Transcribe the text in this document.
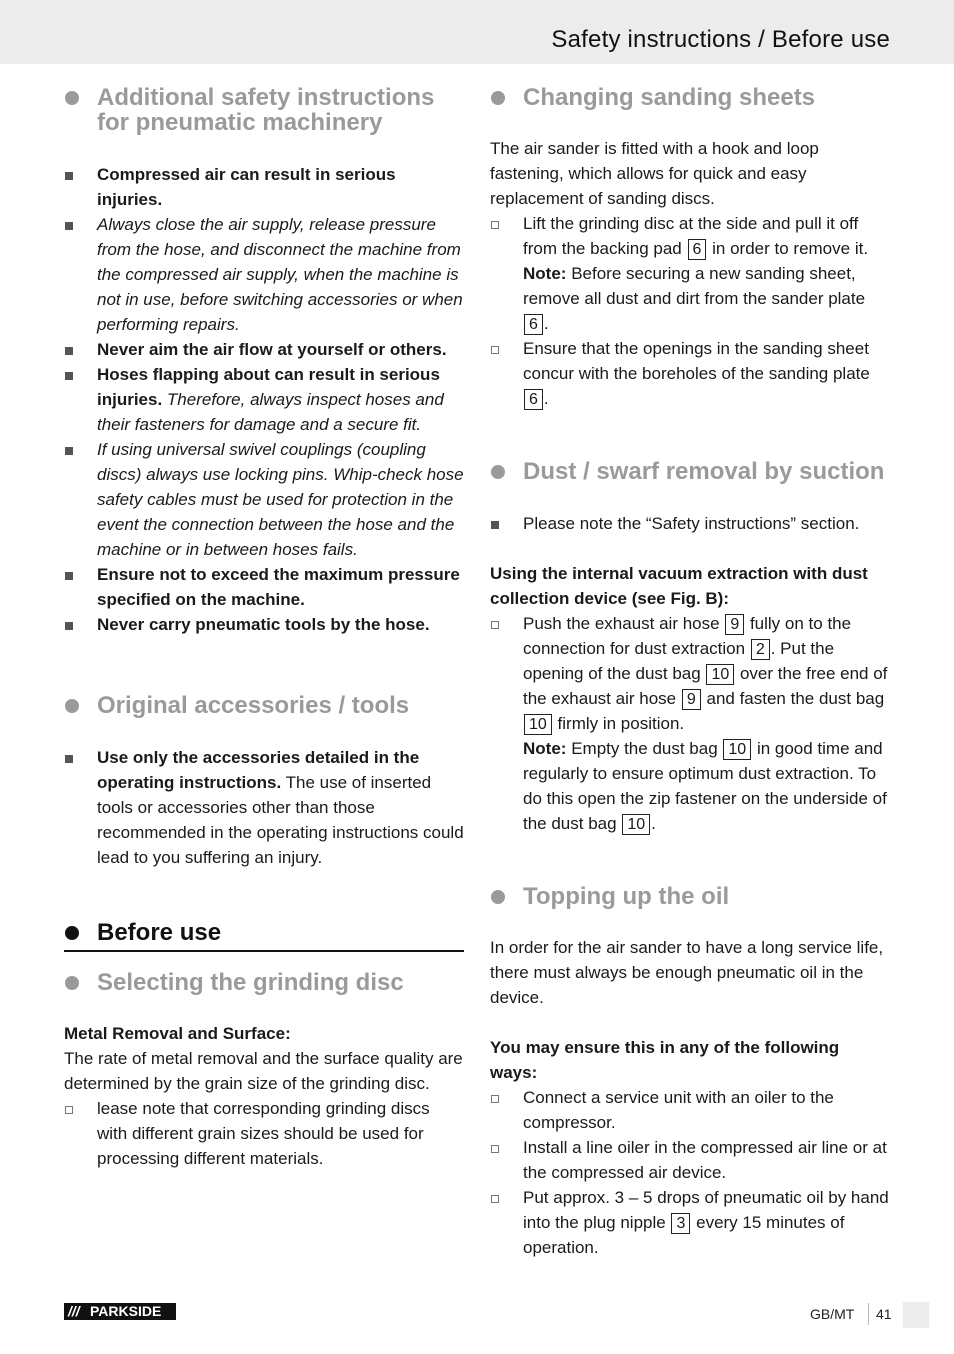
Safety instructions / Before use
Additional safety instructions for pneumatic machinery
Compressed air can result in serious injuries.
Always close the air supply, release pressure from the hose, and disconnect the machine from the compressed air supply, when the machine is not in use, before switching accessories or when performing repairs.
Never aim the air flow at yourself or others.
Hoses flapping about can result in serious injuries. Therefore, always inspect hoses and their fasteners for damage and a secure fit.
If using universal swivel couplings (coupling discs) always use locking pins. Whip-check hose safety cables must be used for protection in the event the connection between the hose and the machine or in between hoses fails.
Ensure not to exceed the maximum pressure specified on the machine.
Never carry pneumatic tools by the hose.
Original accessories / tools
Use only the accessories detailed in the operating instructions. The use of inserted tools or accessories other than those recommended in the operating instructions could lead to you suffering an injury.
Before use
Selecting the grinding disc
Metal Removal and Surface:
The rate of metal removal and the surface quality are determined by the grain size of the grinding disc.
lease note that corresponding grinding discs with different grain sizes should be used for processing different materials.
Changing sanding sheets
The air sander is fitted with a hook and loop fastening, which allows for quick and easy replacement of sanding discs.
Lift the grinding disc at the side and pull it off from the backing pad 6 in order to remove it.
Note: Before securing a new sanding sheet, remove all dust and dirt from the sander plate 6 .
Ensure that the openings in the sanding sheet concur with the boreholes of the sanding plate 6 .
Dust / swarf removal by suction
Please note the “Safety instructions” section.
Using the internal vacuum extraction with dust collection device (see Fig. B):
Push the exhaust air hose 9 fully on to the connection for dust extraction 2 . Put the opening of the dust bag 10 over the free end of the exhaust air hose 9 and fasten the dust bag 10 firmly in position.
Note: Empty the dust bag 10 in good time and regularly to ensure optimum dust extraction. To do this open the zip fastener on the underside of the dust bag 10 .
Topping up the oil
In order for the air sander to have a long service life, there must always be enough pneumatic oil in the device.
You may ensure this in any of the following ways:
Connect a service unit with an oiler to the compressor.
Install a line oiler in the compressed air line or at the compressed air device.
Put approx. 3 – 5 drops of pneumatic oil by hand into the plug nipple 3 every 15 minutes of operation.
/// PARKSIDE	GB/MT 41
